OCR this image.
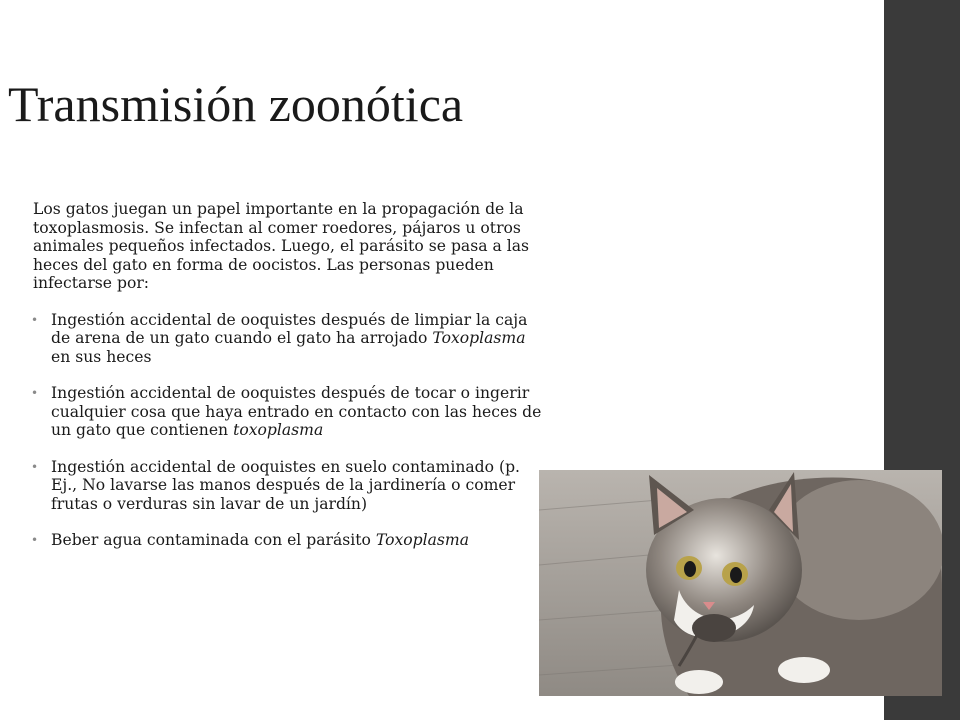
Transmisión zoonótica

Los gatos juegan un papel importante en la propagación de la toxoplasmosis. Se infectan al comer roedores, pájaros u otros animales pequeños infectados. Luego, el parásito se pasa a las heces del gato en forma de oocistos. Las personas pueden infectarse por:

• Ingestión accidental de ooquistes después de limpiar la caja de arena de un gato cuando el gato ha arrojado Toxoplasma en sus heces
• Ingestión accidental de ooquistes después de tocar o ingerir cualquier cosa que haya entrado en contacto con las heces de un gato que contienen toxoplasma
• Ingestión accidental de ooquistes en suelo contaminado (p. Ej., No lavarse las manos después de la jardinería o comer frutas o verduras sin lavar de un jardín)
• Beber agua contaminada con el parásito Toxoplasma
